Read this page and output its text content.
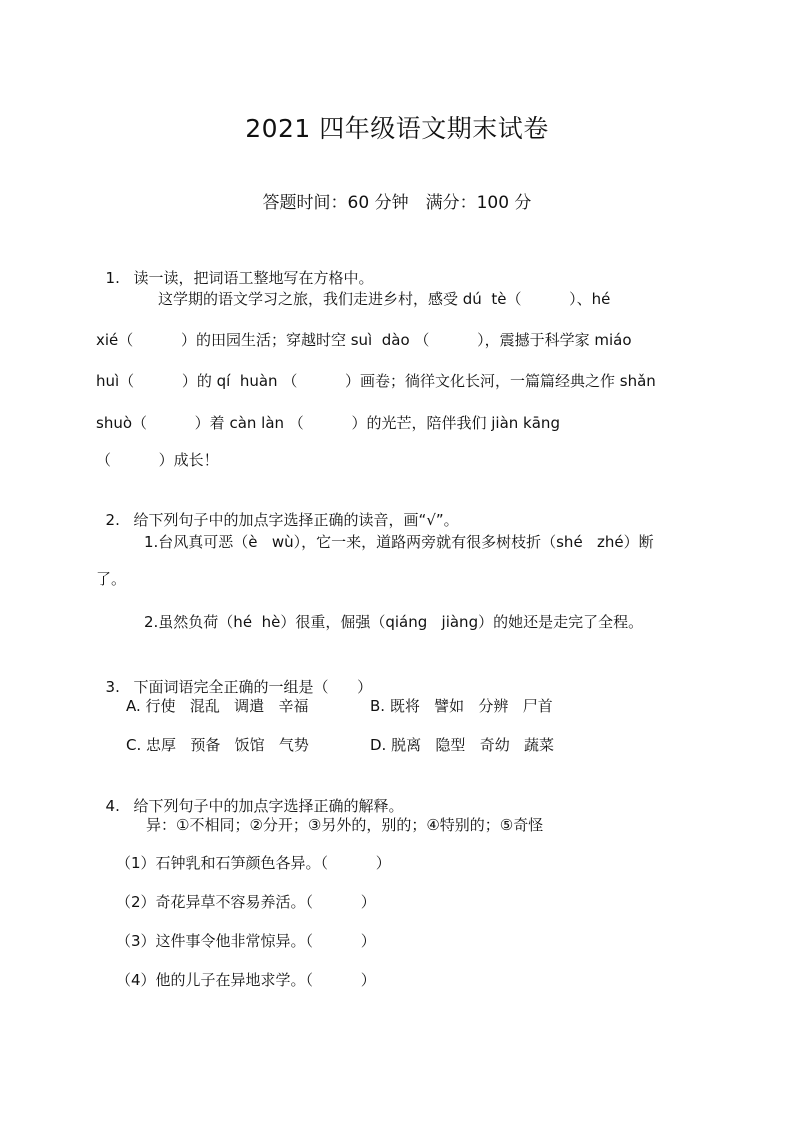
2021 四年级语文期末试卷
答题时间：60 分钟　满分：100 分

1. 读一读，把词语工整地写在方格中。

这学期的语文学习之旅，我们走进乡村，感受 dú  tè（          ）、hé
xié（          ）的田园生活；穿越时空 suì  dào （          ），震撼于科学家 miáo
huì（          ）的 qí  huàn （          ）画卷；徜徉文化长河，一篇篇经典之作 shǎn
shuò（          ）着 càn làn （          ）的光芒，陪伴我们 jiàn kāng
（          ）成长！

2. 给下列句子中的加点字选择正确的读音，画“√”。

1.台风真可恶（è   wù），它一来，道路两旁就有很多树枝折（shé   zhé）断
了。
2.虽然负荷（hé  hè）很重，倔强（qiáng   jiàng）的她还是走完了全程。

3. 下面词语完全正确的一组是（      ）

A. 行使   混乱   调遣   辛福	B. 既将   譬如   分辨   尸首
C. 忠厚   预备   饭馆   气势	D. 脱离   隐型   奇幼   蔬菜

4. 给下列句子中的加点字选择正确的解释。

异：①不相同；②分开；③另外的，别的；④特别的；⑤奇怪
（1）石钟乳和石笋颜色各异。（          ）
（2）奇花异草不容易养活。（          ）
（3）这件事令他非常惊异。（          ）
（4）他的儿子在异地求学。（          ）
